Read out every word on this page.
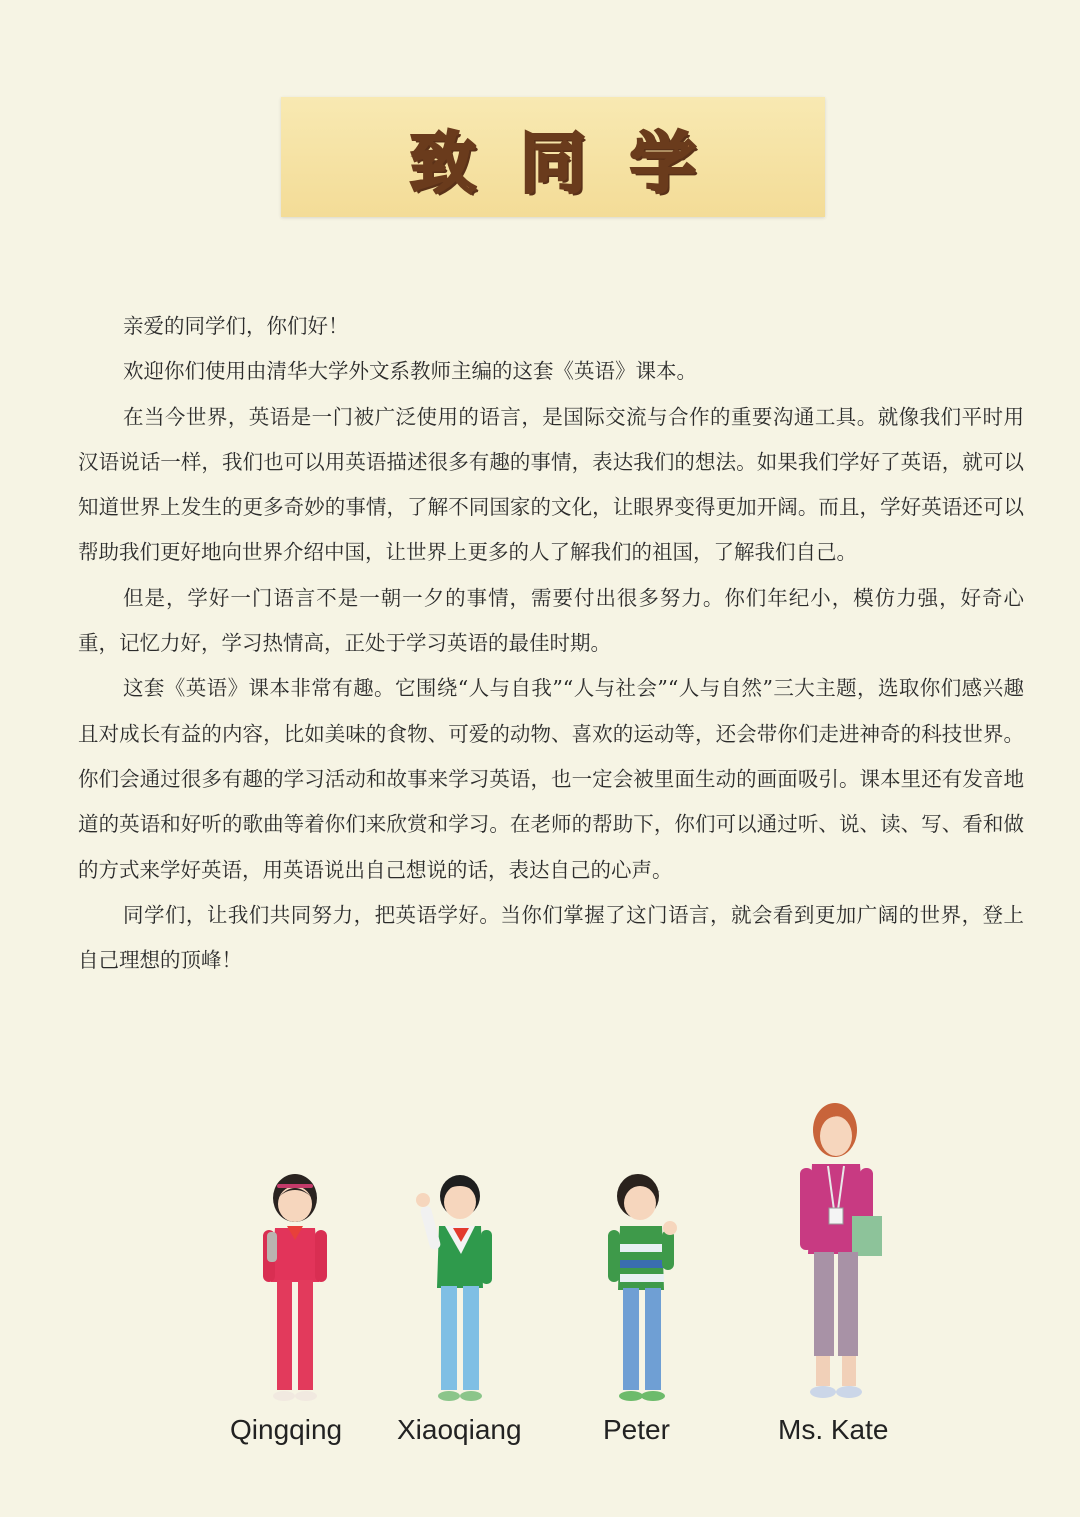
致同学

亲爱的同学们，你们好！

欢迎你们使用由清华大学外文系教师主编的这套《英语》课本。

在当今世界，英语是一门被广泛使用的语言，是国际交流与合作的重要沟通工具。就像我们平时用汉语说话一样，我们也可以用英语描述很多有趣的事情，表达我们的想法。如果我们学好了英语，就可以知道世界上发生的更多奇妙的事情，了解不同国家的文化，让眼界变得更加开阔。而且，学好英语还可以帮助我们更好地向世界介绍中国，让世界上更多的人了解我们的祖国，了解我们自己。

但是，学好一门语言不是一朝一夕的事情，需要付出很多努力。你们年纪小，模仿力强，好奇心重，记忆力好，学习热情高，正处于学习英语的最佳时期。

这套《英语》课本非常有趣。它围绕“人与自我”“人与社会”“人与自然”三大主题，选取你们感兴趣且对成长有益的内容，比如美味的食物、可爱的动物、喜欢的运动等，还会带你们走进神奇的科技世界。你们会通过很多有趣的学习活动和故事来学习英语，也一定会被里面生动的画面吸引。课本里还有发音地道的英语和好听的歌曲等着你们来欣赏和学习。在老师的帮助下，你们可以通过听、说、读、写、看和做的方式来学好英语，用英语说出自己想说的话，表达自己的心声。

同学们，让我们共同努力，把英语学好。当你们掌握了这门语言，就会看到更加广阔的世界，登上自己理想的顶峰！

Qingqing Xiaoqiang	Peter	Ms. Kate
